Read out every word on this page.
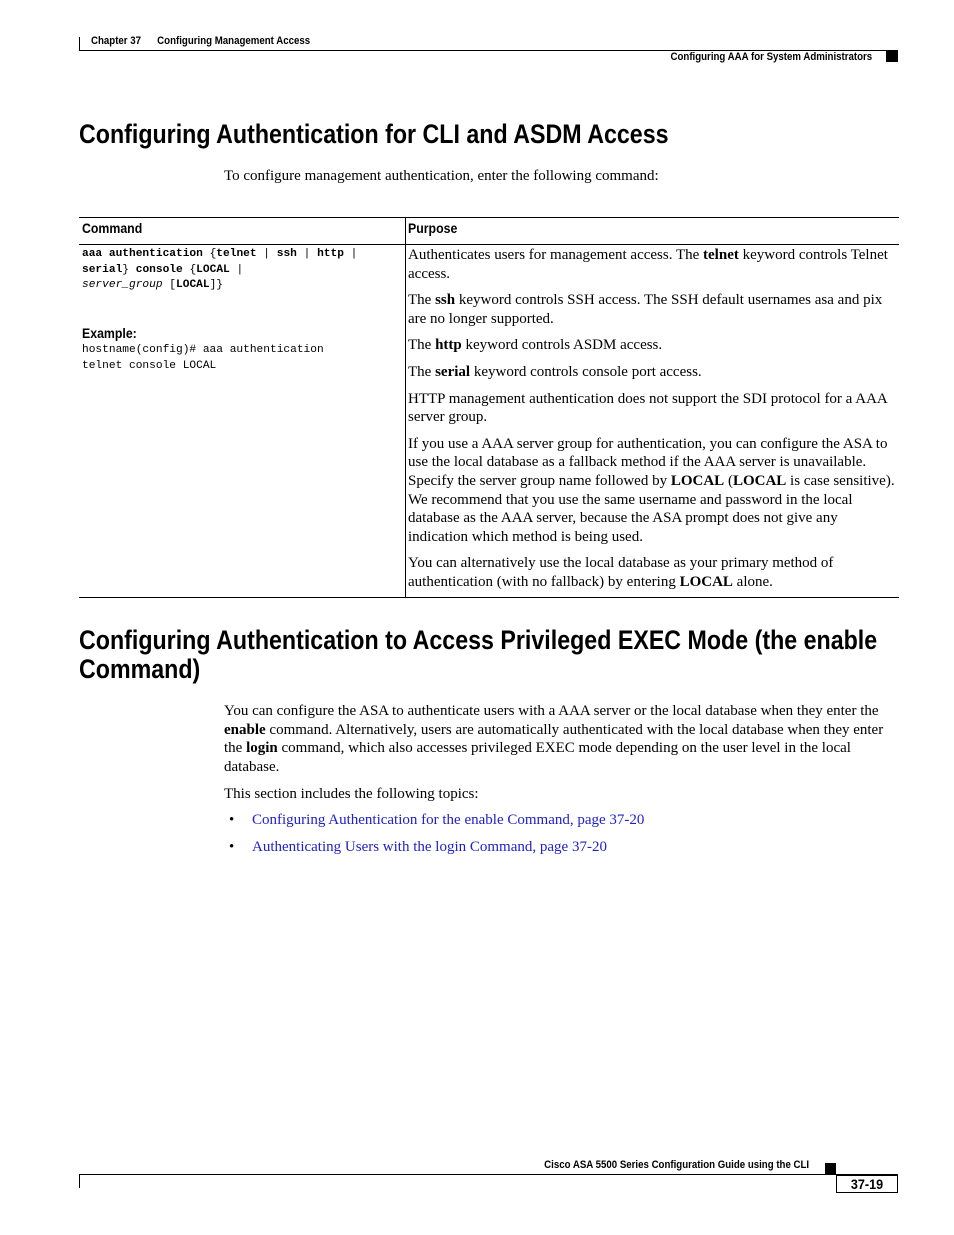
Chapter 37 Configuring Management Access
Configuring AAA for System Administrators
Configuring Authentication for CLI and ASDM Access
To configure management authentication, enter the following command:
Command	Purpose
aaa authentication {telnet | ssh | http |
serial} console {LOCAL |
server_group [LOCAL]}
Example:
hostname(config)# aaa authentication
telnet console LOCAL

Authenticates users for management access. The telnet keyword controls Telnet access.

The ssh keyword controls SSH access. The SSH default usernames asa and pix are no longer supported.

The http keyword controls ASDM access.

The serial keyword controls console port access.

HTTP management authentication does not support the SDI protocol for a AAA server group.

If you use a AAA server group for authentication, you can configure the ASA to use the local database as a fallback method if the AAA server is unavailable. Specify the server group name followed by LOCAL (LOCAL is case sensitive). We recommend that you use the same username and password in the local database as the AAA server, because the ASA prompt does not give any indication which method is being used.

You can alternatively use the local database as your primary method of authentication (with no fallback) by entering LOCAL alone.

Configuring Authentication to Access Privileged EXEC Mode (the enable
Command)
You can configure the ASA to authenticate users with a AAA server or the local database when they enter the enable command. Alternatively, users are automatically authenticated with the local database when they enter the login command, which also accesses privileged EXEC mode depending on the user level in the local database.
This section includes the following topics:
• Configuring Authentication for the enable Command, page 37-20
• Authenticating Users with the login Command, page 37-20
Cisco ASA 5500 Series Configuration Guide using the CLI
37-19
